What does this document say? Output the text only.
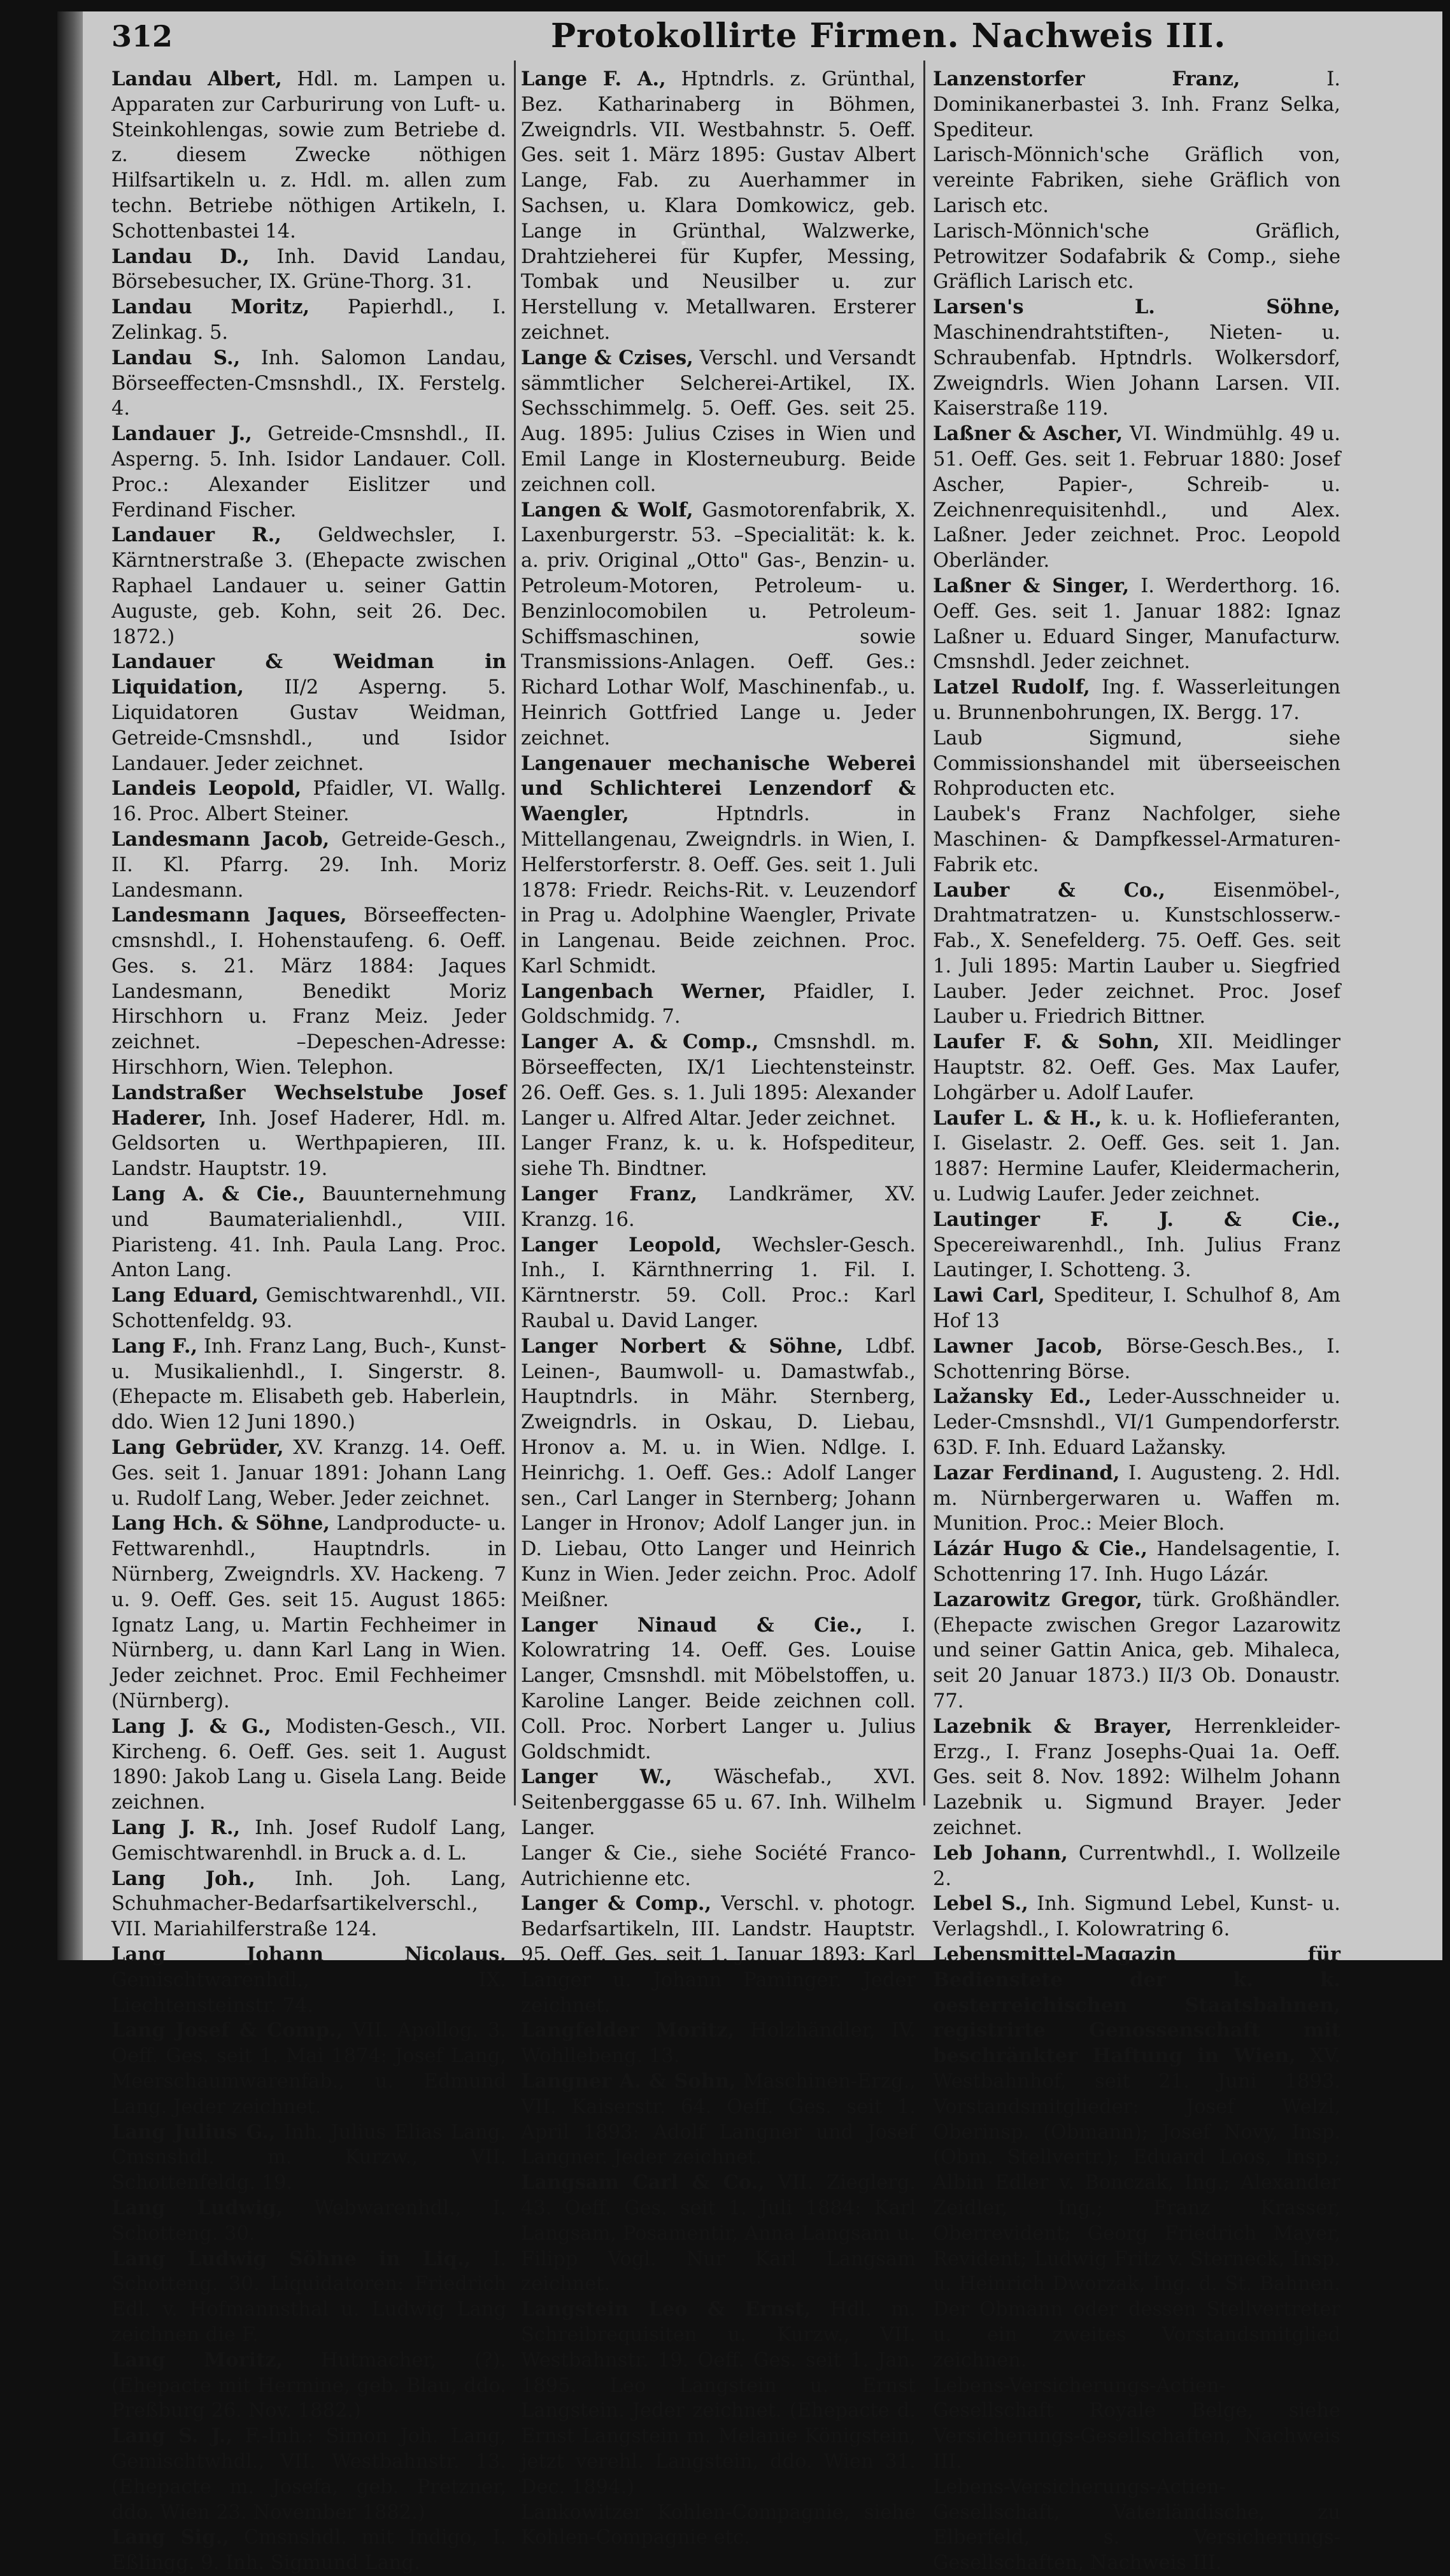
312	Protokollirte Firmen. Nachweis III.

Landau Albert, Hdl. m. Lampen u. Apparaten zur Carburirung von Luft- u. Steinkohlengas, sowie zum Betriebe d. z. diesem Zwecke nöthigen Hilfsartikeln u. z. Hdl. m. allen zum techn. Betriebe nöthigen Artikeln, I. Schottenbastei 14.

Landau D., Inh. David Landau, Börsebesucher, IX. Grüne-Thorg. 31.

Landau Moritz, Papierhdl., I. Zelinkag. 5.

Landau S., Inh. Salomon Landau, Börseeffecten-Cmsnshdl., IX. Ferstelg. 4.

Landauer J., Getreide-Cmsnshdl., II. Asperng. 5. Inh. Isidor Landauer. Coll. Proc.: Alexander Eislitzer und Ferdinand Fischer.

Landauer R., Geldwechsler, I. Kärntnerstraße 3. (Ehepacte zwischen Raphael Landauer u. seiner Gattin Auguste, geb. Kohn, seit 26. Dec. 1872.)

Landauer & Weidman in Liquidation, II/2 Asperng. 5. Liquidatoren Gustav Weidman, Getreide-Cmsnshdl., und Isidor Landauer. Jeder zeichnet.

Landeis Leopold, Pfaidler, VI. Wallg. 16. Proc. Albert Steiner.

Landesmann Jacob, Getreide-Gesch., II. Kl. Pfarrg. 29. Inh. Moriz Landesmann.

Landesmann Jaques, Börseeffecten-cmsnshdl., I. Hohenstaufeng. 6. Oeff. Ges. s. 21. März 1884: Jaques Landesmann, Benedikt Moriz Hirschhorn u. Franz Meiz. Jeder zeichnet. –Depeschen-Adresse: Hirschhorn, Wien. Telephon.

Landstraßer Wechselstube Josef Haderer, Inh. Josef Haderer, Hdl. m. Geldsorten u. Werthpapieren, III. Landstr. Hauptstr. 19.

Lang A. & Cie., Bauunternehmung und Baumaterialienhdl., VIII. Piaristeng. 41. Inh. Paula Lang. Proc. Anton Lang.

Lang Eduard, Gemischtwarenhdl., VII. Schottenfeldg. 93.

Lang F., Inh. Franz Lang, Buch-, Kunst- u. Musikalienhdl., I. Singerstr. 8. (Ehepacte m. Elisabeth geb. Haberlein, ddo. Wien 12 Juni 1890.)

Lang Gebrüder, XV. Kranzg. 14. Oeff. Ges. seit 1. Januar 1891: Johann Lang u. Rudolf Lang, Weber. Jeder zeichnet.

Lang Hch. & Söhne, Landproducte- u. Fettwarenhdl., Hauptndrls. in Nürnberg, Zweigndrls. XV. Hackeng. 7 u. 9. Oeff. Ges. seit 15. August 1865: Ignatz Lang, u. Martin Fechheimer in Nürnberg, u. dann Karl Lang in Wien. Jeder zeichnet. Proc. Emil Fechheimer (Nürnberg).

Lang J. & G., Modisten-Gesch., VII. Kircheng. 6. Oeff. Ges. seit 1. August 1890: Jakob Lang u. Gisela Lang. Beide zeichnen.

Lang J. R., Inh. Josef Rudolf Lang, Gemischtwarenhdl. in Bruck a. d. L.

Lang Joh., Inh. Joh. Lang, Schuhmacher-Bedarfsartikelverschl., VII. Mariahilferstraße 124.

Lang Johann Nicolaus, Gemischtwarenhdl., IX. Liechtensteinstr. 74.

Lang Josef & Comp., VII. Apollog. 3. Oeff. Ges. seit 1. Mai 1874: Josef Lang, Meerschaumwarenfab., u. Edmund Lang. Jeder zeichnet.

Lang Julius G., Inh. Julius Elias Lang. Cmsnshdl. m. Kurzw., VII. Schottenfeldg. 19.

Lang Ludwig, Webwarenhdl., I. Schotteng. 30.

Lang Ludwig Söhne in Liq., I. Schotteng. 30. Liquidatoren: Friedrich Edl. v. Hofmannsthal u. Ludwig Lang zeichnen die F.

Lang Moritz, Hutmacher, (?). (Ehepacte mit Hermine, geb. Blau, ddo. Preßburg 26. Nov. 1882.)

Lang S. J., F.-Inh.: Simon Joh. Lang, Gemischtwhdl., VII. Westbahnstr. 13. (Ehepacte m. Josefa, geb. Pretzner, ddo. Wien 23. November 1882.)

Lang Sig., Cmsnshdl. mit Indigo, I. Eßlingg. 9. Inh. Sigmund Lang.

Lange F. A., Hptndrls. z. Grünthal, Bez. Katharinaberg in Böhmen, Zweigndrls. VII. Westbahnstr. 5. Oeff. Ges. seit 1. März 1895: Gustav Albert Lange, Fab. zu Auerhammer in Sachsen, u. Klara Domkowicz, geb. Lange in Grünthal, Walzwerke, Drahtzieherei für Kupfer, Messing, Tombak und Neusilber u. zur Herstellung v. Metallwaren. Ersterer zeichnet.

Lange & Czises, Verschl. und Versandt sämmtlicher Selcherei-Artikel, IX. Sechsschimmelg. 5. Oeff. Ges. seit 25. Aug. 1895: Julius Czises in Wien und Emil Lange in Klosterneuburg. Beide zeichnen coll.

Langen & Wolf, Gasmotorenfabrik, X. Laxenburgerstr. 53. –Specialität: k. k. a. priv. Original „Otto" Gas-, Benzin- u. Petroleum-Motoren, Petroleum- u. Benzinlocomobilen u. Petroleum-Schiffsmaschinen, sowie Transmissions-Anlagen. Oeff. Ges.: Richard Lothar Wolf, Maschinenfab., u. Heinrich Gottfried Lange u. Jeder zeichnet.

Langenauer mechanische Weberei und Schlichterei Lenzendorf & Waengler, Hptndrls. in Mittellangenau, Zweigndrls. in Wien, I. Helferstorferstr. 8. Oeff. Ges. seit 1. Juli 1878: Friedr. Reichs-Rit. v. Leuzendorf in Prag u. Adolphine Waengler, Private in Langenau. Beide zeichnen. Proc. Karl Schmidt.

Langenbach Werner, Pfaidler, I. Goldschmidg. 7.

Langer A. & Comp., Cmsnshdl. m. Börseeffecten, IX/1 Liechtensteinstr. 26. Oeff. Ges. s. 1. Juli 1895: Alexander Langer u. Alfred Altar. Jeder zeichnet.

Langer Franz, k. u. k. Hofspediteur, siehe Th. Bindtner.

Langer Franz, Landkrämer, XV. Kranzg. 16.

Langer Leopold, Wechsler-Gesch. Inh., I. Kärnthnerring 1. Fil. I. Kärntnerstr. 59. Coll. Proc.: Karl Raubal u. David Langer.

Langer Norbert & Söhne, Ldbf. Leinen-, Baumwoll- u. Damastwfab., Hauptndrls. in Mähr. Sternberg, Zweigndrls. in Oskau, D. Liebau, Hronov a. M. u. in Wien. Ndlge. I. Heinrichg. 1. Oeff. Ges.: Adolf Langer sen., Carl Langer in Sternberg; Johann Langer in Hronov; Adolf Langer jun. in D. Liebau, Otto Langer und Heinrich Kunz in Wien. Jeder zeichn. Proc. Adolf Meißner.

Langer Ninaud & Cie., I. Kolowratring 14. Oeff. Ges. Louise Langer, Cmsnshdl. mit Möbelstoffen, u. Karoline Langer. Beide zeichnen coll. Coll. Proc. Norbert Langer u. Julius Goldschmidt.

Langer W., Wäschefab., XVI. Seitenberggasse 65 u. 67. Inh. Wilhelm Langer.

Langer & Cie., siehe Société Franco-Autrichienne etc.

Langer & Comp., Verschl. v. photogr. Bedarfsartikeln, III. Landstr. Hauptstr. 95. Oeff. Ges. seit 1. Januar 1893: Karl Langer u. Johann Paminger. Jeder zeichnet.

Langfelder Moritz, Holzhändler, IV. Wohllebeng. 13.

Langner A. & Sohn, Maschinen-Erzg., VII. Kaiserstr. 64. Oeff. Ges. seit 1. April 1893: Adolf Langner und Josef Langner. Jeder zeichnet.

Langsam Carl & Co., VII. Zieglerg. 43. Oeff. Ges. seit 1. Juli 1884: Karl Langsam, Posamentir, Anna Langsam u. Filipp Vogl. Nur Karl Langsam zeichnet.

Langstein Leo & Ernst, Hdl. m. Schreibrequisiten u. Kurzw., VII. Westbahnstr. 19. Oeff. Ges. seit 1. Jan. 1895. Leo Langstein u. Ernst Langstein. Jeder zeichnet. (Ehepacte d. Ernst Langstein m. Melanie Königstein, jetzt verehl. Langstein, ddo. Wien 31. Dec. 1894.)

Lankowitzer Kohlen-Compagnie, siehe Kohlen-Compagnie etc.

Lanzenstorfer Franz, I. Dominikanerbastei 3. Inh. Franz Selka, Spediteur.

Larisch-Mönnich'sche Gräflich von, vereinte Fabriken, siehe Gräflich von Larisch etc.

Larisch-Mönnich'sche Gräflich, Petrowitzer Sodafabrik & Comp., siehe Gräflich Larisch etc.

Larsen's L. Söhne, Maschinendrahtstiften-, Nieten- u. Schraubenfab. Hptndrls. Wolkersdorf, Zweigndrls. Wien Johann Larsen. VII. Kaiserstraße 119.

Laßner & Ascher, VI. Windmühlg. 49 u. 51. Oeff. Ges. seit 1. Februar 1880: Josef Ascher, Papier-, Schreib- u. Zeichnenrequisitenhdl., und Alex. Laßner. Jeder zeichnet. Proc. Leopold Oberländer.

Laßner & Singer, I. Werderthorg. 16. Oeff. Ges. seit 1. Januar 1882: Ignaz Laßner u. Eduard Singer, Manufacturw. Cmsnshdl. Jeder zeichnet.

Latzel Rudolf, Ing. f. Wasserleitungen u. Brunnenbohrungen, IX. Bergg. 17.

Laub Sigmund, siehe Commissionshandel mit überseeischen Rohproducten etc.

Laubek's Franz Nachfolger, siehe Maschinen- & Dampfkessel-Armaturen-Fabrik etc.

Lauber & Co., Eisenmöbel-, Drahtmatratzen- u. Kunstschlosserw.-Fab., X. Senefelderg. 75. Oeff. Ges. seit 1. Juli 1895: Martin Lauber u. Siegfried Lauber. Jeder zeichnet. Proc. Josef Lauber u. Friedrich Bittner.

Laufer F. & Sohn, XII. Meidlinger Hauptstr. 82. Oeff. Ges. Max Laufer, Lohgärber u. Adolf Laufer.

Laufer L. & H., k. u. k. Hoflieferanten, I. Giselastr. 2. Oeff. Ges. seit 1. Jan. 1887: Hermine Laufer, Kleidermacherin, u. Ludwig Laufer. Jeder zeichnet.

Lautinger F. J. & Cie., Specereiwarenhdl., Inh. Julius Franz Lautinger, I. Schotteng. 3.

Lawi Carl, Spediteur, I. Schulhof 8, Am Hof 13

Lawner Jacob, Börse-Gesch.Bes., I. Schottenring Börse.

Lažansky Ed., Leder-Ausschneider u. Leder-Cmsnshdl., VI/1 Gumpendorferstr. 63D. F. Inh. Eduard Lažansky.

Lazar Ferdinand, I. Augusteng. 2. Hdl. m. Nürnbergerwaren u. Waffen m. Munition. Proc.: Meier Bloch.

Lázár Hugo & Cie., Handelsagentie, I. Schottenring 17. Inh. Hugo Lázár.

Lazarowitz Gregor, türk. Großhändler. (Ehepacte zwischen Gregor Lazarowitz und seiner Gattin Anica, geb. Mihaleca, seit 20 Januar 1873.) II/3 Ob. Donaustr. 77.

Lazebnik & Brayer, Herrenkleider-Erzg., I. Franz Josephs-Quai 1a. Oeff. Ges. seit 8. Nov. 1892: Wilhelm Johann Lazebnik u. Sigmund Brayer. Jeder zeichnet.

Leb Johann, Currentwhdl., I. Wollzeile 2.

Lebel S., Inh. Sigmund Lebel, Kunst- u. Verlagshdl., I. Kolowratring 6.

Lebensmittel-Magazin für Bedienstete der k. k. oesterreichischen Staatsbahnen, registrirte Genossenschaft mit beschränkter Haftung in Wien, XV. Westbahnhof, seit 21. Juni 1893. Vorstandsmitglieder: Josef Welzl, Oberinsp. (Obmann); Josef Novy, Insp. (Obm. Stellvertr.); Eduard Loos, Insp.; Albin Edler v. Bonczak, Ing.; Alexander Zeidler, Ing.; Franz Krasser, Oberrevident; Georg Friedrich Mayer, Revident; Ludwig Fritz v. Sterneck, Insp. u. Heinrich Dworzak, Ing. d. St. Bahnen. Der Obmann oder dessen Stellvertreter u. ein zweites Vorstandsmitglied zeichnen.

Lebens-Versicherungs-Actien-Gesellschaft Royale Belge, siehe Versicherungs-Gesellschaften, Nachweis III.

Lebens-Versicherungs-Actien-Gesellschaft, Vaterländische, zu Elberfeld, s. Versicherungs-Gesellschaften, Nachweis III.
